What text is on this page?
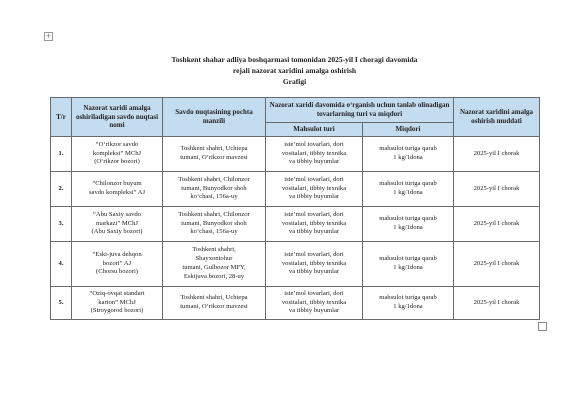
+
Toshkent shahar adliya boshqarmasi tomonidan 2025-yil I choragi davomida
rejali nazorat xaridini amalga oshirish
Grafigi
T/r	Nazorat xaridi amalga oshiriladigan savdo nuqtasi nomi	Savdo nuqtasining pochta manzili	Nazorat xaridi davomida o‘rganish uchun tanlab olinadigan tovarlarning turi va miqdori		Nazorat xaridini amalga oshirish muddati
			Mahsulot turi	Miqdori	
1.	“O‘rikzor savdo
kompleksi” MChJ
(O‘rikzor bozori)	Toshkent shahri, Uchtepa
tumani, O‘rikzor mavzesi	iste’mol tovarlari, dori
vositalari, tibbiy texnika
va tibbiy buyumlar	mahsulot turiga qarab
1 kg/1dona	2025-yil I chorak
2.	“Chilonzor buyum
savdo kompleksi” AJ	Toshkent shahri, Chilonzor
tumani, Bunyodkor shoh
ko‘chasi, 156a-uy	iste’mol tovarlari, dori
vositalari, tibbiy texnika
va tibbiy buyumlar	mahsulot turiga qarab
1 kg/1dona	2025-yil I chorak
3.	“Abu Saxiy savdo
markazi” MChJ
(Abu Saxiy bozori)	Toshkent shahri, Chilonzor
tumani, Bunyodkor shoh
ko‘chasi, 156a-uy	iste’mol tovarlari, dori
vositalari, tibbiy texnika
va tibbiy buyumlar	mahsulot turiga qarab
1 kg/1dona	2025-yil I chorak
4.	“Eski-juva dehqon
bozori” AJ
(Chorsu bozori)	Toshkent shahri,
Shayxontohur
tumani, Gulbozor MFY,
Eskijuva bozori, 28-uy	iste’mol tovarlari, dori
vositalari, tibbiy texnika
va tibbiy buyumlar	mahsulot turiga qarab
1 kg/1dona	2025-yil I chorak
5.	“Oziq-ovqat standart
karton” MChJ
(Stroygorod bozori)	Toshkent shahri, Uchtepa
tumani, O‘rikzor mavzesi	iste’mol tovarlari, dori
vositalari, tibbiy texnika
va tibbiy buyumlar	mahsulot turiga qarab
1 kg/1dona	2025-yil I chorak
